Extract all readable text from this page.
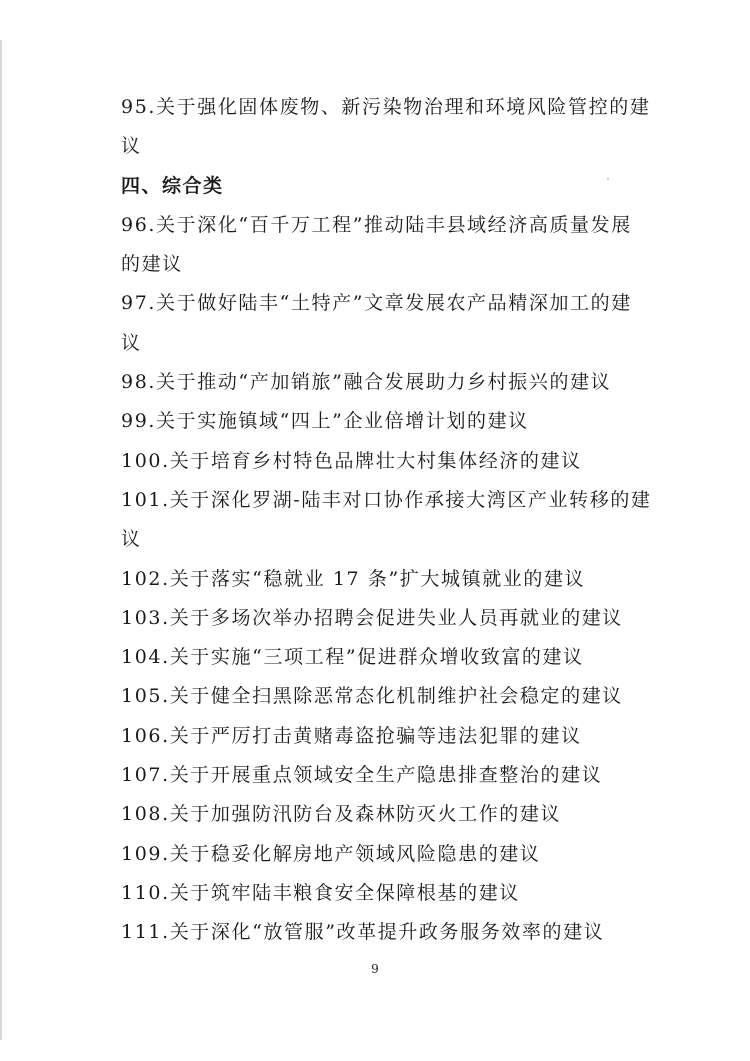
95.关于强化固体废物、新污染物治理和环境风险管控的建
议
四、综合类
96.关于深化“百千万工程”推动陆丰县域经济高质量发展
的建议
97.关于做好陆丰“土特产”文章发展农产品精深加工的建
议
98.关于推动“产加销旅”融合发展助力乡村振兴的建议
99.关于实施镇域“四上”企业倍增计划的建议
100.关于培育乡村特色品牌壮大村集体经济的建议
101.关于深化罗湖-陆丰对口协作承接大湾区产业转移的建
议
102.关于落实“稳就业 17 条”扩大城镇就业的建议
103.关于多场次举办招聘会促进失业人员再就业的建议
104.关于实施“三项工程”促进群众增收致富的建议
105.关于健全扫黑除恶常态化机制维护社会稳定的建议
106.关于严厉打击黄赌毒盗抢骗等违法犯罪的建议
107.关于开展重点领域安全生产隐患排查整治的建议
108.关于加强防汛防台及森林防灭火工作的建议
109.关于稳妥化解房地产领域风险隐患的建议
110.关于筑牢陆丰粮食安全保障根基的建议
111.关于深化“放管服”改革提升政务服务效率的建议
9
